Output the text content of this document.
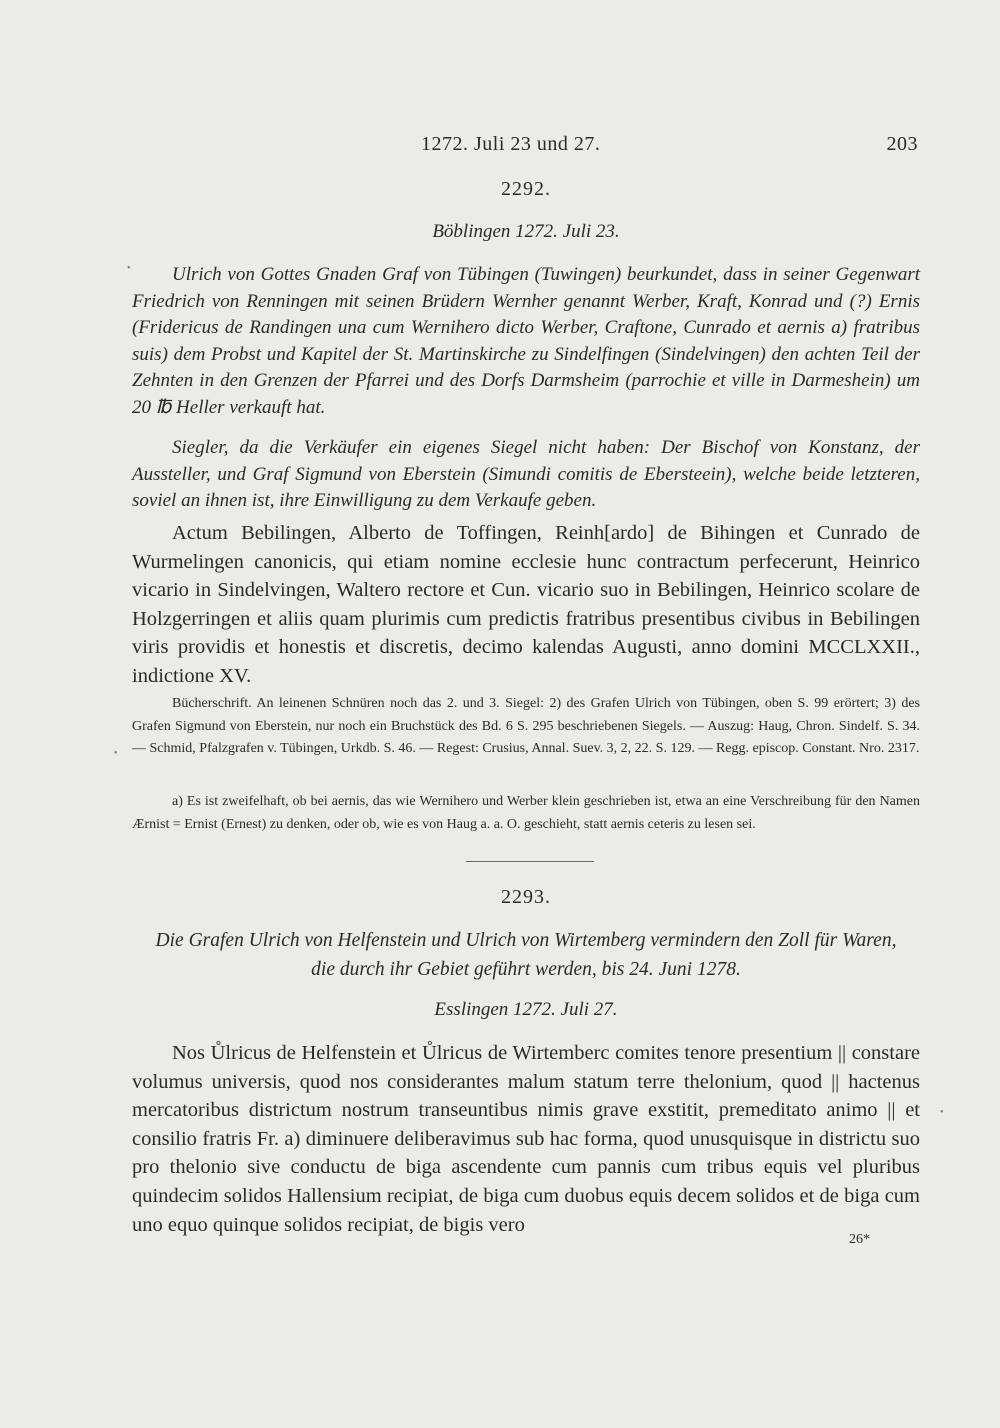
1272. Juli 23 und 27.	203
2292.
Böblingen 1272. Juli 23.

Ulrich von Gottes Gnaden Graf von Tübingen (Tuwingen) beurkundet, dass in seiner Gegenwart Friedrich von Renningen mit seinen Brüdern Wernher genannt Werber, Kraft, Konrad und (?) Ernis (Fridericus de Randingen una cum Wernihero dicto Werber, Craftone, Cunrado et aernis a) fratribus suis) dem Probst und Kapitel der St. Martinskirche zu Sindelfingen (Sindelvingen) den achten Teil der Zehnten in den Grenzen der Pfarrei und des Dorfs Darmsheim (parrochie et ville in Darmeshein) um 20 ℔ Heller verkauft hat.

Siegler, da die Verkäufer ein eigenes Siegel nicht haben: Der Bischof von Konstanz, der Aussteller, und Graf Sigmund von Eberstein (Simundi comitis de Ebersteein), welche beide letzteren, soviel an ihnen ist, ihre Einwilligung zu dem Verkaufe geben.

Actum Bebilingen, Alberto de Toffingen, Reinh[ardo] de Bihingen et Cunrado de Wurmelingen canonicis, qui etiam nomine ecclesie hunc contractum perfecerunt, Heinrico vicario in Sindelvingen, Waltero rectore et Cun. vicario suo in Bebilingen, Heinrico scolare de Holzgerringen et aliis quam plurimis cum predictis fratribus presentibus civibus in Bebilingen viris providis et honestis et discretis, decimo kalendas Augusti, anno domini MCCLXXII., indictione XV.

Bücherschrift. An leinenen Schnüren noch das 2. und 3. Siegel: 2) des Grafen Ulrich von Tübingen, oben S. 99 erörtert; 3) des Grafen Sigmund von Eberstein, nur noch ein Bruchstück des Bd. 6 S. 295 beschriebenen Siegels. — Auszug: Haug, Chron. Sindelf. S. 34. — Schmid, Pfalzgrafen v. Tübingen, Urkdb. S. 46. — Regest: Crusius, Annal. Suev. 3, 2, 22. S. 129. — Regg. episcop. Constant. Nro. 2317.

a) Es ist zweifelhaft, ob bei aernis, das wie Wernihero und Werber klein geschrieben ist, etwa an eine Verschreibung für den Namen Ærnist = Ernist (Ernest) zu denken, oder ob, wie es von Haug a. a. O. geschieht, statt aernis ceteris zu lesen sei.

2293.

Die Grafen Ulrich von Helfenstein und Ulrich von Wirtemberg vermindern den Zoll für Waren,

die durch ihr Gebiet geführt werden, bis 24. Juni 1278.

Esslingen 1272. Juli 27.

Nos Ůlricus de Helfenstein et Ůlricus de Wirtemberc comites tenore presentium || constare volumus universis, quod nos considerantes malum statum terre thelonium, quod || hactenus mercatoribus districtum nostrum transeuntibus nimis grave exstitit, premeditato animo || et consilio fratris Fr. a) diminuere deliberavimus sub hac forma, quod unusquisque in districtu suo pro thelonio sive conductu de biga ascendente cum pannis cum tribus equis vel pluribus quindecim solidos Hallensium recipiat, de biga cum duobus equis decem solidos et de biga cum uno equo quinque solidos recipiat, de bigis vero

26*
•
•
•
